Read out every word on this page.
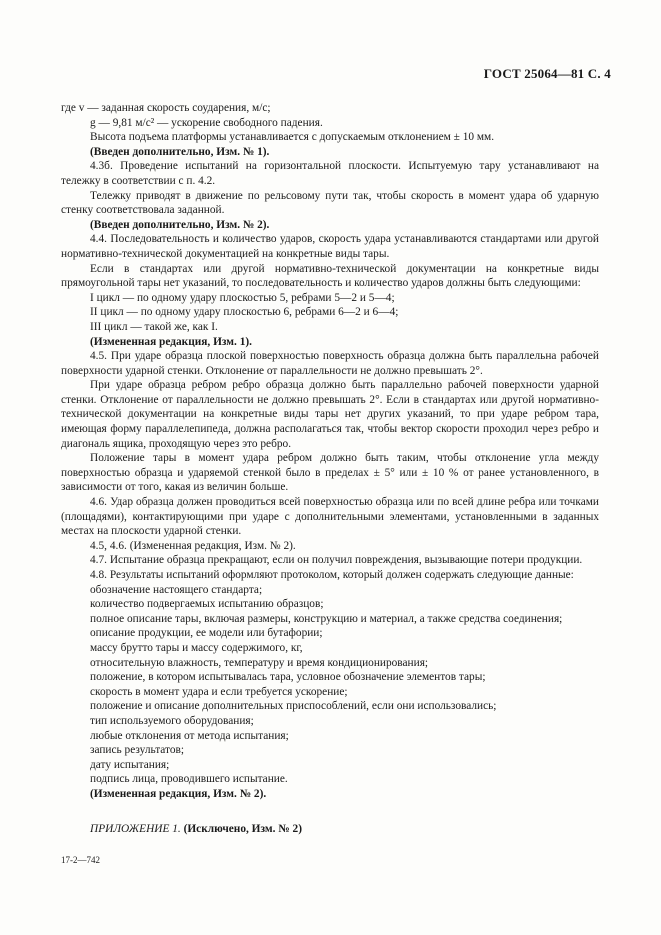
ГОСТ 25064—81 С. 4

где v — заданная скорость соударения, м/с;

g — 9,81 м/с² — ускорение свободного падения.

Высота подъема платформы устанавливается с допускаемым отклонением ± 10 мм.

(Введен дополнительно, Изм. № 1).

4.3б. Проведение испытаний на горизонтальной плоскости. Испытуемую тару устанавливают на тележку в соответствии с п. 4.2.

Тележку приводят в движение по рельсовому пути так, чтобы скорость в момент удара об ударную стенку соответствовала заданной.

(Введен дополнительно, Изм. № 2).

4.4. Последовательность и количество ударов, скорость удара устанавливаются стандартами или другой нормативно-технической документацией на конкретные виды тары.

Если в стандартах или другой нормативно-технической документации на конкретные виды прямоугольной тары нет указаний, то последовательность и количество ударов должны быть следующими:

I цикл — по одному удару плоскостью 5, ребрами 5—2 и 5—4;

II цикл — по одному удару плоскостью 6, ребрами 6—2 и 6—4;

III цикл — такой же, как I.

(Измененная редакция, Изм. 1).

4.5. При ударе образца плоской поверхностью поверхность образца должна быть параллельна рабочей поверхности ударной стенки. Отклонение от параллельности не должно превышать 2°.

При ударе образца ребром ребро образца должно быть параллельно рабочей поверхности ударной стенки. Отклонение от параллельности не должно превышать 2°. Если в стандартах или другой нормативно-технической документации на конкретные виды тары нет других указаний, то при ударе ребром тара, имеющая форму параллелепипеда, должна располагаться так, чтобы вектор скорости проходил через ребро и диагональ ящика, проходящую через это ребро.

Положение тары в момент удара ребром должно быть таким, чтобы отклонение угла между поверхностью образца и ударяемой стенкой было в пределах ± 5° или ± 10 % от ранее установленного, в зависимости от того, какая из величин больше.

4.6. Удар образца должен проводиться всей поверхностью образца или по всей длине ребра или точками (площадями), контактирующими при ударе с дополнительными элементами, установленными в заданных местах на плоскости ударной стенки.

4.5, 4.6. (Измененная редакция, Изм. № 2).

4.7. Испытание образца прекращают, если он получил повреждения, вызывающие потери продукции.

4.8. Результаты испытаний оформляют протоколом, который должен содержать следующие данные:

обозначение настоящего стандарта;

количество подвергаемых испытанию образцов;

полное описание тары, включая размеры, конструкцию и материал, а также средства соединения;

описание продукции, ее модели или бутафории;

массу брутто тары и массу содержимого, кг,

относительную влажность, температуру и время кондиционирования;

положение, в котором испытывалась тара, условное обозначение элементов тары;

скорость в момент удара и если требуется ускорение;

положение и описание дополнительных приспособлений, если они использовались;

тип используемого оборудования;

любые отклонения от метода испытания;

запись результатов;

дату испытания;

подпись лица, проводившего испытание.

(Измененная редакция, Изм. № 2).

ПРИЛОЖЕНИЕ 1. (Исключено, Изм. № 2)

17-2—742
